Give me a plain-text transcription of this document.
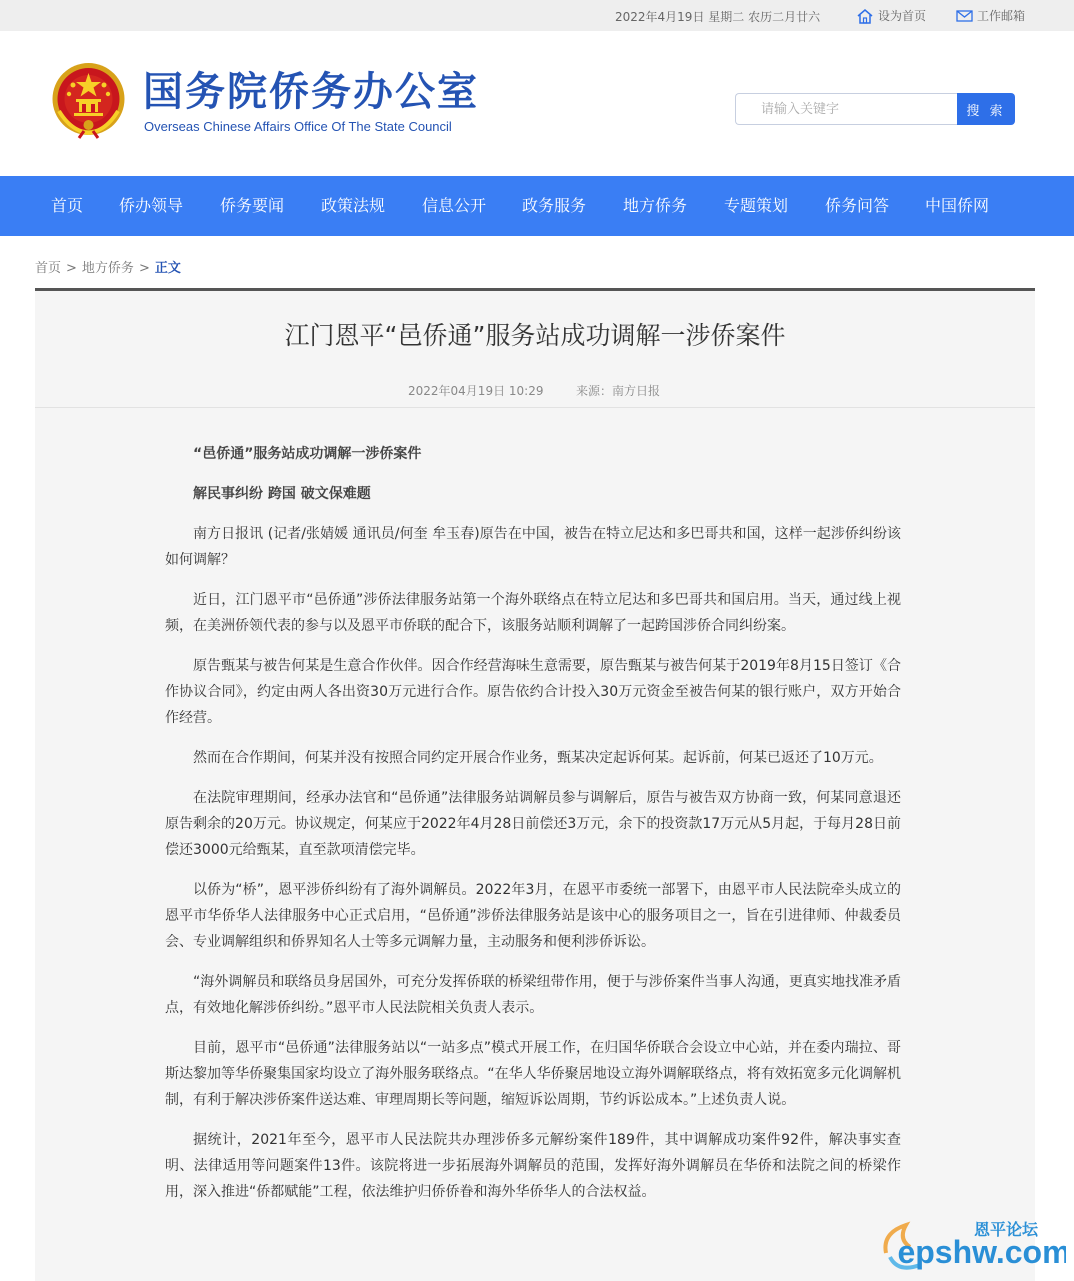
2022年4月19日 星期二 农历二月廿六	设为首页	工作邮箱
国务院侨务办公室
Overseas Chinese Affairs Office Of The State Council
请输入关键字
搜 索
首页 侨办领导 侨务要闻 政策法规 信息公开 政务服务 地方侨务 专题策划 侨务问答 中国侨网
首页 > 地方侨务 > 正文
江门恩平“邑侨通”服务站成功调解一涉侨案件
2022年04月19日 10:29	来源：南方日报

“邑侨通”服务站成功调解一涉侨案件

解民事纠纷 跨国 破文保难题

南方日报讯 (记者/张婧媛 通讯员/何奎 牟玉春)原告在中国，被告在特立尼达和多巴哥共和国，这样一起涉侨纠纷该如何调解？

近日，江门恩平市“邑侨通”涉侨法律服务站第一个海外联络点在特立尼达和多巴哥共和国启用。当天，通过线上视频，在美洲侨领代表的参与以及恩平市侨联的配合下，该服务站顺利调解了一起跨国涉侨合同纠纷案。

原告甄某与被告何某是生意合作伙伴。因合作经营海味生意需要，原告甄某与被告何某于2019年8月15日签订《合作协议合同》，约定由两人各出资30万元进行合作。原告依约合计投入30万元资金至被告何某的银行账户，双方开始合作经营。

然而在合作期间，何某并没有按照合同约定开展合作业务，甄某决定起诉何某。起诉前，何某已返还了10万元。

在法院审理期间，经承办法官和“邑侨通”法律服务站调解员参与调解后，原告与被告双方协商一致，何某同意退还原告剩余的20万元。协议规定，何某应于2022年4月28日前偿还3万元，余下的投资款17万元从5月起，于每月28日前偿还3000元给甄某，直至款项清偿完毕。

以侨为“桥”，恩平涉侨纠纷有了海外调解员。2022年3月，在恩平市委统一部署下，由恩平市人民法院牵头成立的恩平市华侨华人法律服务中心正式启用，“邑侨通”涉侨法律服务站是该中心的服务项目之一，旨在引进律师、仲裁委员会、专业调解组织和侨界知名人士等多元调解力量，主动服务和便利涉侨诉讼。

“海外调解员和联络员身居国外，可充分发挥侨联的桥梁纽带作用，便于与涉侨案件当事人沟通，更真实地找准矛盾点，有效地化解涉侨纠纷。”恩平市人民法院相关负责人表示。

目前，恩平市“邑侨通”法律服务站以“一站多点”模式开展工作，在归国华侨联合会设立中心站，并在委内瑞拉、哥斯达黎加等华侨聚集国家均设立了海外服务联络点。“在华人华侨聚居地设立海外调解联络点，将有效拓宽多元化调解机制，有利于解决涉侨案件送达难、审理周期长等问题，缩短诉讼周期，节约诉讼成本。”上述负责人说。

据统计，2021年至今，恩平市人民法院共办理涉侨多元解纷案件189件，其中调解成功案件92件，解决事实查明、法律适用等问题案件13件。该院将进一步拓展海外调解员的范围，发挥好海外调解员在华侨和法院之间的桥梁作用，深入推进“侨都赋能”工程，依法维护归侨侨眷和海外华侨华人的合法权益。

恩平论坛
epshw.com
